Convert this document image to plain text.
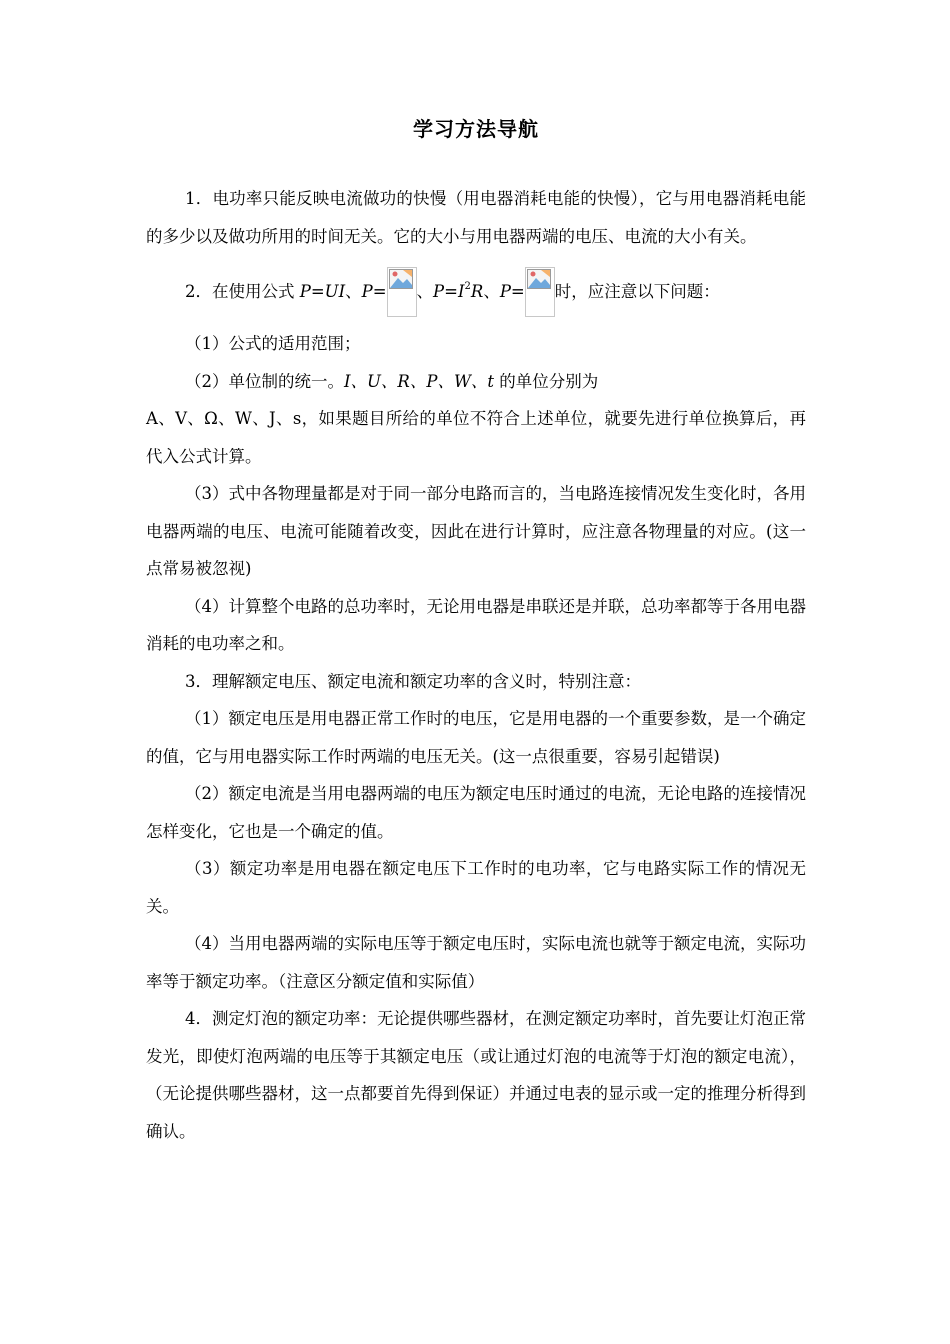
学习方法导航

1．电功率只能反映电流做功的快慢（用电器消耗电能的快慢），它与用电器消耗电能的多少以及做功所用的时间无关。它的大小与用电器两端的电压、电流的大小有关。

2．在使用公式 P=UI、P= 、$P=I^2R$、P= 时，应注意以下问题：

（1）公式的适用范围；

（2）单位制的统一。I、U、R、P、W、t 的单位分别为

A、V、Ω、W、J、s，如果题目所给的单位不符合上述单位，就要先进行单位换算后，再代入公式计算。

（3）式中各物理量都是对于同一部分电路而言的，当电路连接情况发生变化时，各用电器两端的电压、电流可能随着改变，因此在进行计算时，应注意各物理量的对应。(这一点常易被忽视)

（4）计算整个电路的总功率时，无论用电器是串联还是并联，总功率都等于各用电器消耗的电功率之和。

3．理解额定电压、额定电流和额定功率的含义时，特别注意：

（1）额定电压是用电器正常工作时的电压，它是用电器的一个重要参数，是一个确定的值，它与用电器实际工作时两端的电压无关。(这一点很重要，容易引起错误)

（2）额定电流是当用电器两端的电压为额定电压时通过的电流，无论电路的连接情况怎样变化，它也是一个确定的值。

（3）额定功率是用电器在额定电压下工作时的电功率，它与电路实际工作的情况无关。

（4）当用电器两端的实际电压等于额定电压时，实际电流也就等于额定电流，实际功率等于额定功率。（注意区分额定值和实际值）

4．测定灯泡的额定功率：无论提供哪些器材，在测定额定功率时，首先要让灯泡正常发光，即使灯泡两端的电压等于其额定电压（或让通过灯泡的电流等于灯泡的额定电流），（无论提供哪些器材，这一点都要首先得到保证）并通过电表的显示或一定的推理分析得到确认。
